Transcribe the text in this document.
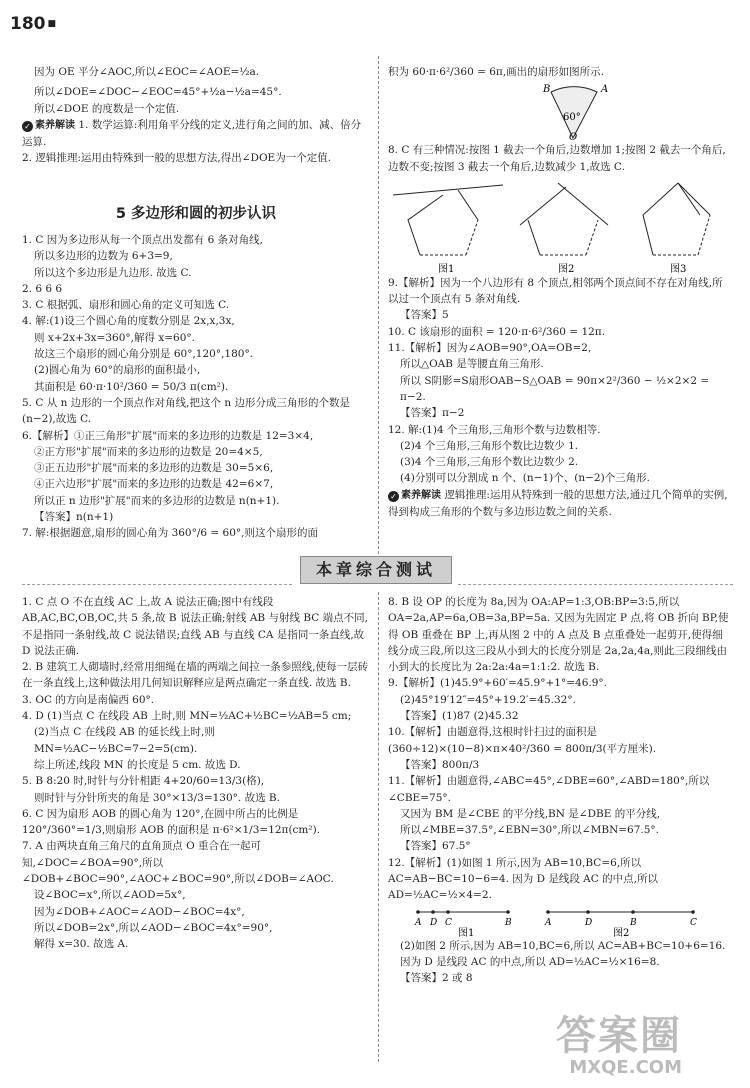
180 ■

因为 OE 平分∠AOC,所以∠EOC=∠AOE=½a.

所以∠DOE=∠DOC−∠EOC=45°+½a−½a=45°.

所以∠DOE 的度数是一个定值.

✓ 素养解读 1. 数学运算:利用角平分线的定义,进行角之间的加、减、倍分运算.

2. 逻辑推理:运用由特殊到一般的思想方法,得出∠DOE为一个定值.

5 多边形和圆的初步认识

1. C 因为多边形从每一个顶点出发都有 6 条对角线,

所以多边形的边数为 6+3=9,

所以这个多边形是九边形. 故选 C.

2. 6 6 6

3. C 根据弧、扇形和圆心角的定义可知选 C.

4. 解:(1)设三个圆心角的度数分别是 2x,x,3x,

则 x+2x+3x=360°,解得 x=60°.

故这三个扇形的圆心角分别是 60°,120°,180°.

(2)圆心角为 60°的扇形的面积最小,

其面积是 60·π·10²/360 = 50/3 π(cm²).

5. C 从 n 边形的一个顶点作对角线,把这个 n 边形分成三角形的个数是(n−2),故选 C.

6.【解析】①正三角形"扩展"而来的多边形的边数是 12=3×4,

②正方形"扩展"而来的多边形的边数是 20=4×5,

③正五边形"扩展"而来的多边形的边数是 30=5×6,

④正六边形"扩展"而来的多边形的边数是 42=6×7,

所以正 n 边形"扩展"而来的多边形的边数是 n(n+1).

【答案】n(n+1)

7. 解:根据题意,扇形的圆心角为 360°/6 = 60°,则这个扇形的面

积为 60·π·6²/360 = 6π,画出的扇形如图所示.

B	A
O
60°

8. C 有三种情况:按图 1 截去一个角后,边数增加 1;按图 2 截去一个角后,边数不变;按图 3 截去一个角后,边数减少 1,故选 C.

图1	图2	图3

9.【解析】因为一个八边形有 8 个顶点,相邻两个顶点间不存在对角线,所以过一个顶点有 5 条对角线.

【答案】5

10. C 该扇形的面积 = 120·π·6²/360 = 12π.

11.【解析】因为∠AOB=90°,OA=OB=2,

所以△OAB 是等腰直角三角形.

所以 S阴影=S扇形OAB−S△OAB = 90π×2²/360 − ½×2×2 = π−2.

【答案】π−2

12. 解:(1)4 个三角形,三角形个数与边数相等.

(2)4 个三角形,三角形个数比边数少 1.

(3)4 个三角形,三角形个数比边数少 2.

(4)分别可以分割成 n 个、(n−1)个、(n−2)个三角形.

✓ 素养解读 逻辑推理:运用从特殊到一般的思想方法,通过几个简单的实例,得到构成三角形的个数与多边形边数之间的关系.

本章综合测试

1. C 点 O 不在直线 AC 上,故 A 说法正确;图中有线段 AB,AC,BC,OB,OC,共 5 条,故 B 说法正确;射线 AB 与射线 BC 端点不同,不是指同一条射线,故 C 说法错误;直线 AB 与直线 CA 是指同一条直线,故 D 说法正确.

2. B 建筑工人砌墙时,经常用细绳在墙的两端之间拉一条参照线,使每一层砖在一条直线上,这种做法用几何知识解释应是两点确定一条直线. 故选 B.

3. OC 的方向是南偏西 60°.

4. D (1)当点 C 在线段 AB 上时,则 MN=½AC+½BC=½AB=5 cm;

(2)当点 C 在线段 AB 的延长线上时,则 MN=½AC−½BC=7−2=5(cm).

综上所述,线段 MN 的长度是 5 cm. 故选 D.

5. B 8:20 时,时针与分针相距 4+20/60=13/3(格),

则时针与分针所夹的角是 30°×13/3=130°. 故选 B.

6. C 因为扇形 AOB 的圆心角为 120°,在圆中所占的比例是 120°/360°=1/3,则扇形 AOB 的面积是 π·6²×1/3=12π(cm²).

7. A 由两块直角三角尺的直角顶点 O 重合在一起可知,∠DOC=∠BOA=90°,所以∠DOB+∠BOC=90°,∠AOC+∠BOC=90°,所以∠DOB=∠AOC.

设∠BOC=x°,所以∠AOD=5x°,

因为∠DOB+∠AOC=∠AOD−∠BOC=4x°,

所以∠DOB=2x°,所以∠AOD−∠BOC=4x°=90°,

解得 x=30. 故选 A.

8. B 设 OP 的长度为 8a,因为 OA:AP=1:3,OB:BP=3:5,所以 OA=2a,AP=6a,OB=3a,BP=5a. 又因为先固定 P 点,将 OB 折向 BP,使得 OB 重叠在 BP 上,再从图 2 中的 A 点及 B 点重叠处一起剪开,使得细线分成三段,所以这三段从小到大的长度分别是 2a,2a,4a,则此三段细线由小到大的长度比为 2a:2a:4a=1:1:2. 故选 B.

9.【解析】(1)45.9°+60′=45.9°+1°=46.9°.

(2)45°19′12″=45°+19.2′=45.32°.

【答案】(1)87 (2)45.32

10.【解析】由题意得,这根时针扫过的面积是 (360÷12)×(10−8)×π×40²/360 = 800π/3(平方厘米).

【答案】800π/3

11.【解析】由题意得,∠ABC=45°,∠DBE=60°,∠ABD=180°,所以∠CBE=75°.

又因为 BM 是∠CBE 的平分线,BN 是∠DBE 的平分线,

所以∠MBE=37.5°,∠EBN=30°,所以∠MBN=67.5°.

【答案】67.5°

12.【解析】(1)如图 1 所示,因为 AB=10,BC=6,所以 AC=AB−BC=10−6=4. 因为 D 是线段 AC 的中点,所以 AD=½AC=½×4=2.

A D C	B	A	D	B	C
图1	图2

(2)如图 2 所示,因为 AB=10,BC=6,所以 AC=AB+BC=10+6=16. 因为 D 是线段 AC 的中点,所以 AD=½AC=½×16=8.

【答案】2 或 8

答案圈
MXQE.COM
